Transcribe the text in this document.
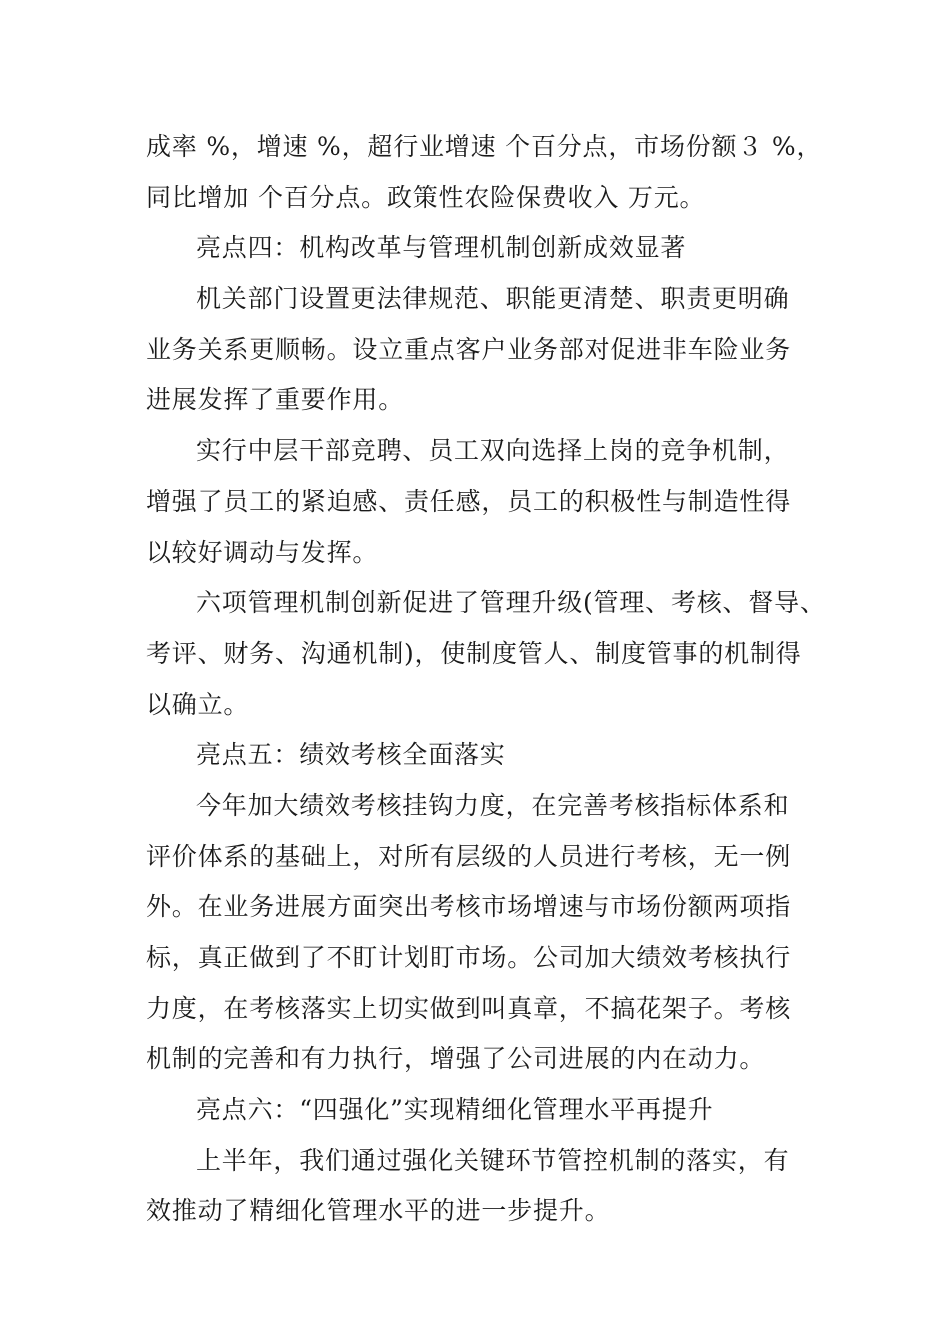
成率 %，增速 %，超行业增速 个百分点，市场份额３ %，
同比增加 个百分点。政策性农险保费收入 万元。
亮点四：机构改革与管理机制创新成效显著
机关部门设置更法律规范、职能更清楚、职责更明确
业务关系更顺畅。设立重点客户业务部对促进非车险业务
进展发挥了重要作用。
实行中层干部竞聘、员工双向选择上岗的竞争机制，
增强了员工的紧迫感、责任感，员工的积极性与制造性得
以较好调动与发挥。
六项管理机制创新促进了管理升级(管理、考核、督导、
考评、财务、沟通机制)，使制度管人、制度管事的机制得
以确立。
亮点五：绩效考核全面落实
今年加大绩效考核挂钩力度，在完善考核指标体系和
评价体系的基础上，对所有层级的人员进行考核，无一例
外。在业务进展方面突出考核市场增速与市场份额两项指
标，真正做到了不盯计划盯市场。公司加大绩效考核执行
力度，在考核落实上切实做到叫真章，不搞花架子。考核
机制的完善和有力执行，增强了公司进展的内在动力。
亮点六：“四强化”实现精细化管理水平再提升
上半年，我们通过强化关键环节管控机制的落实，有
效推动了精细化管理水平的进一步提升。
